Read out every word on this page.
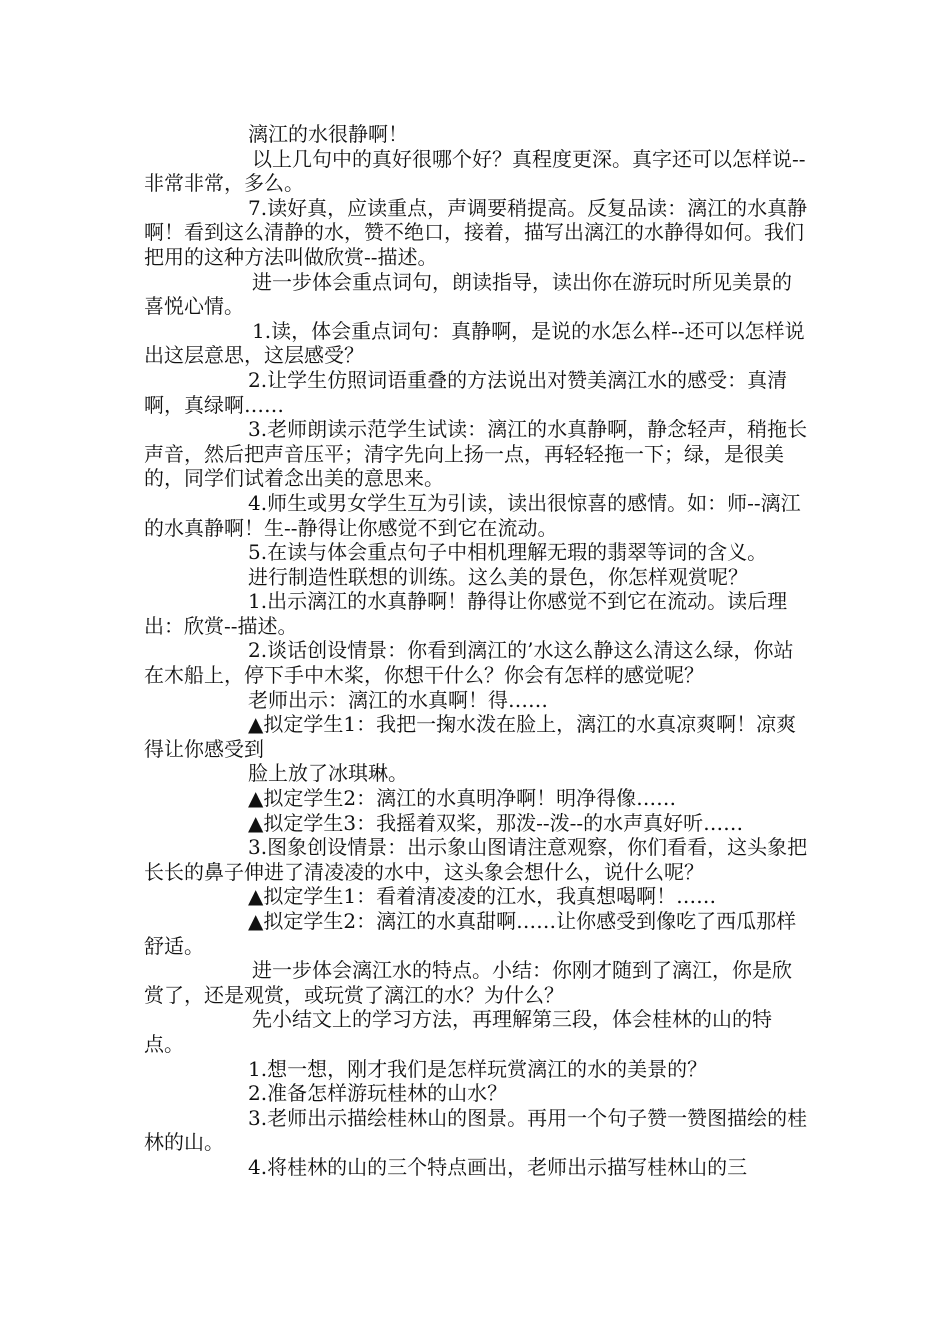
漓江的水很静啊！

以上几句中的真好很哪个好？真程度更深。真字还可以怎样说--非常非常，多么。

7.读好真，应读重点，声调要稍提高。反复品读：漓江的水真静啊！看到这么清静的水，赞不绝口，接着，描写出漓江的水静得如何。我们把用的这种方法叫做欣赏--描述。

进一步体会重点词句，朗读指导，读出你在游玩时所见美景的喜悦心情。

1.读，体会重点词句：真静啊，是说的水怎么样--还可以怎样说出这层意思，这层感受？

2.让学生仿照词语重叠的方法说出对赞美漓江水的感受：真清啊，真绿啊……

3.老师朗读示范学生试读：漓江的水真静啊，静念轻声，稍拖长声音，然后把声音压平；清字先向上扬一点，再轻轻拖一下；绿，是很美的，同学们试着念出美的意思来。

4.师生或男女学生互为引读，读出很惊喜的感情。如：师--漓江的水真静啊！生--静得让你感觉不到它在流动。

5.在读与体会重点句子中相机理解无瑕的翡翠等词的含义。

进行制造性联想的训练。这么美的景色，你怎样观赏呢？

1.出示漓江的水真静啊！静得让你感觉不到它在流动。读后理出：欣赏--描述。

2.谈话创设情景：你看到漓江的’水这么静这么清这么绿，你站在木船上，停下手中木桨，你想干什么？你会有怎样的感觉呢？

老师出示：漓江的水真啊！得……

▲拟定学生1：我把一掬水泼在脸上，漓江的水真凉爽啊！凉爽得让你感受到

脸上放了冰琪琳。

▲拟定学生2：漓江的水真明净啊！明净得像……

▲拟定学生3：我摇着双桨，那泼--泼--的水声真好听……

3.图象创设情景：出示象山图请注意观察，你们看看，这头象把长长的鼻子伸进了清凌凌的水中，这头象会想什么，说什么呢？

▲拟定学生1：看着清凌凌的江水，我真想喝啊！……

▲拟定学生2：漓江的水真甜啊……让你感受到像吃了西瓜那样舒适。

进一步体会漓江水的特点。小结：你刚才随到了漓江，你是欣赏了，还是观赏，或玩赏了漓江的水？为什么？

先小结文上的学习方法，再理解第三段，体会桂林的山的特点。

1.想一想，刚才我们是怎样玩赏漓江的水的美景的？

2.准备怎样游玩桂林的山水？

3.老师出示描绘桂林山的图景。再用一个句子赞一赞图描绘的桂林的山。

4.将桂林的山的三个特点画出，老师出示描写桂林山的三
